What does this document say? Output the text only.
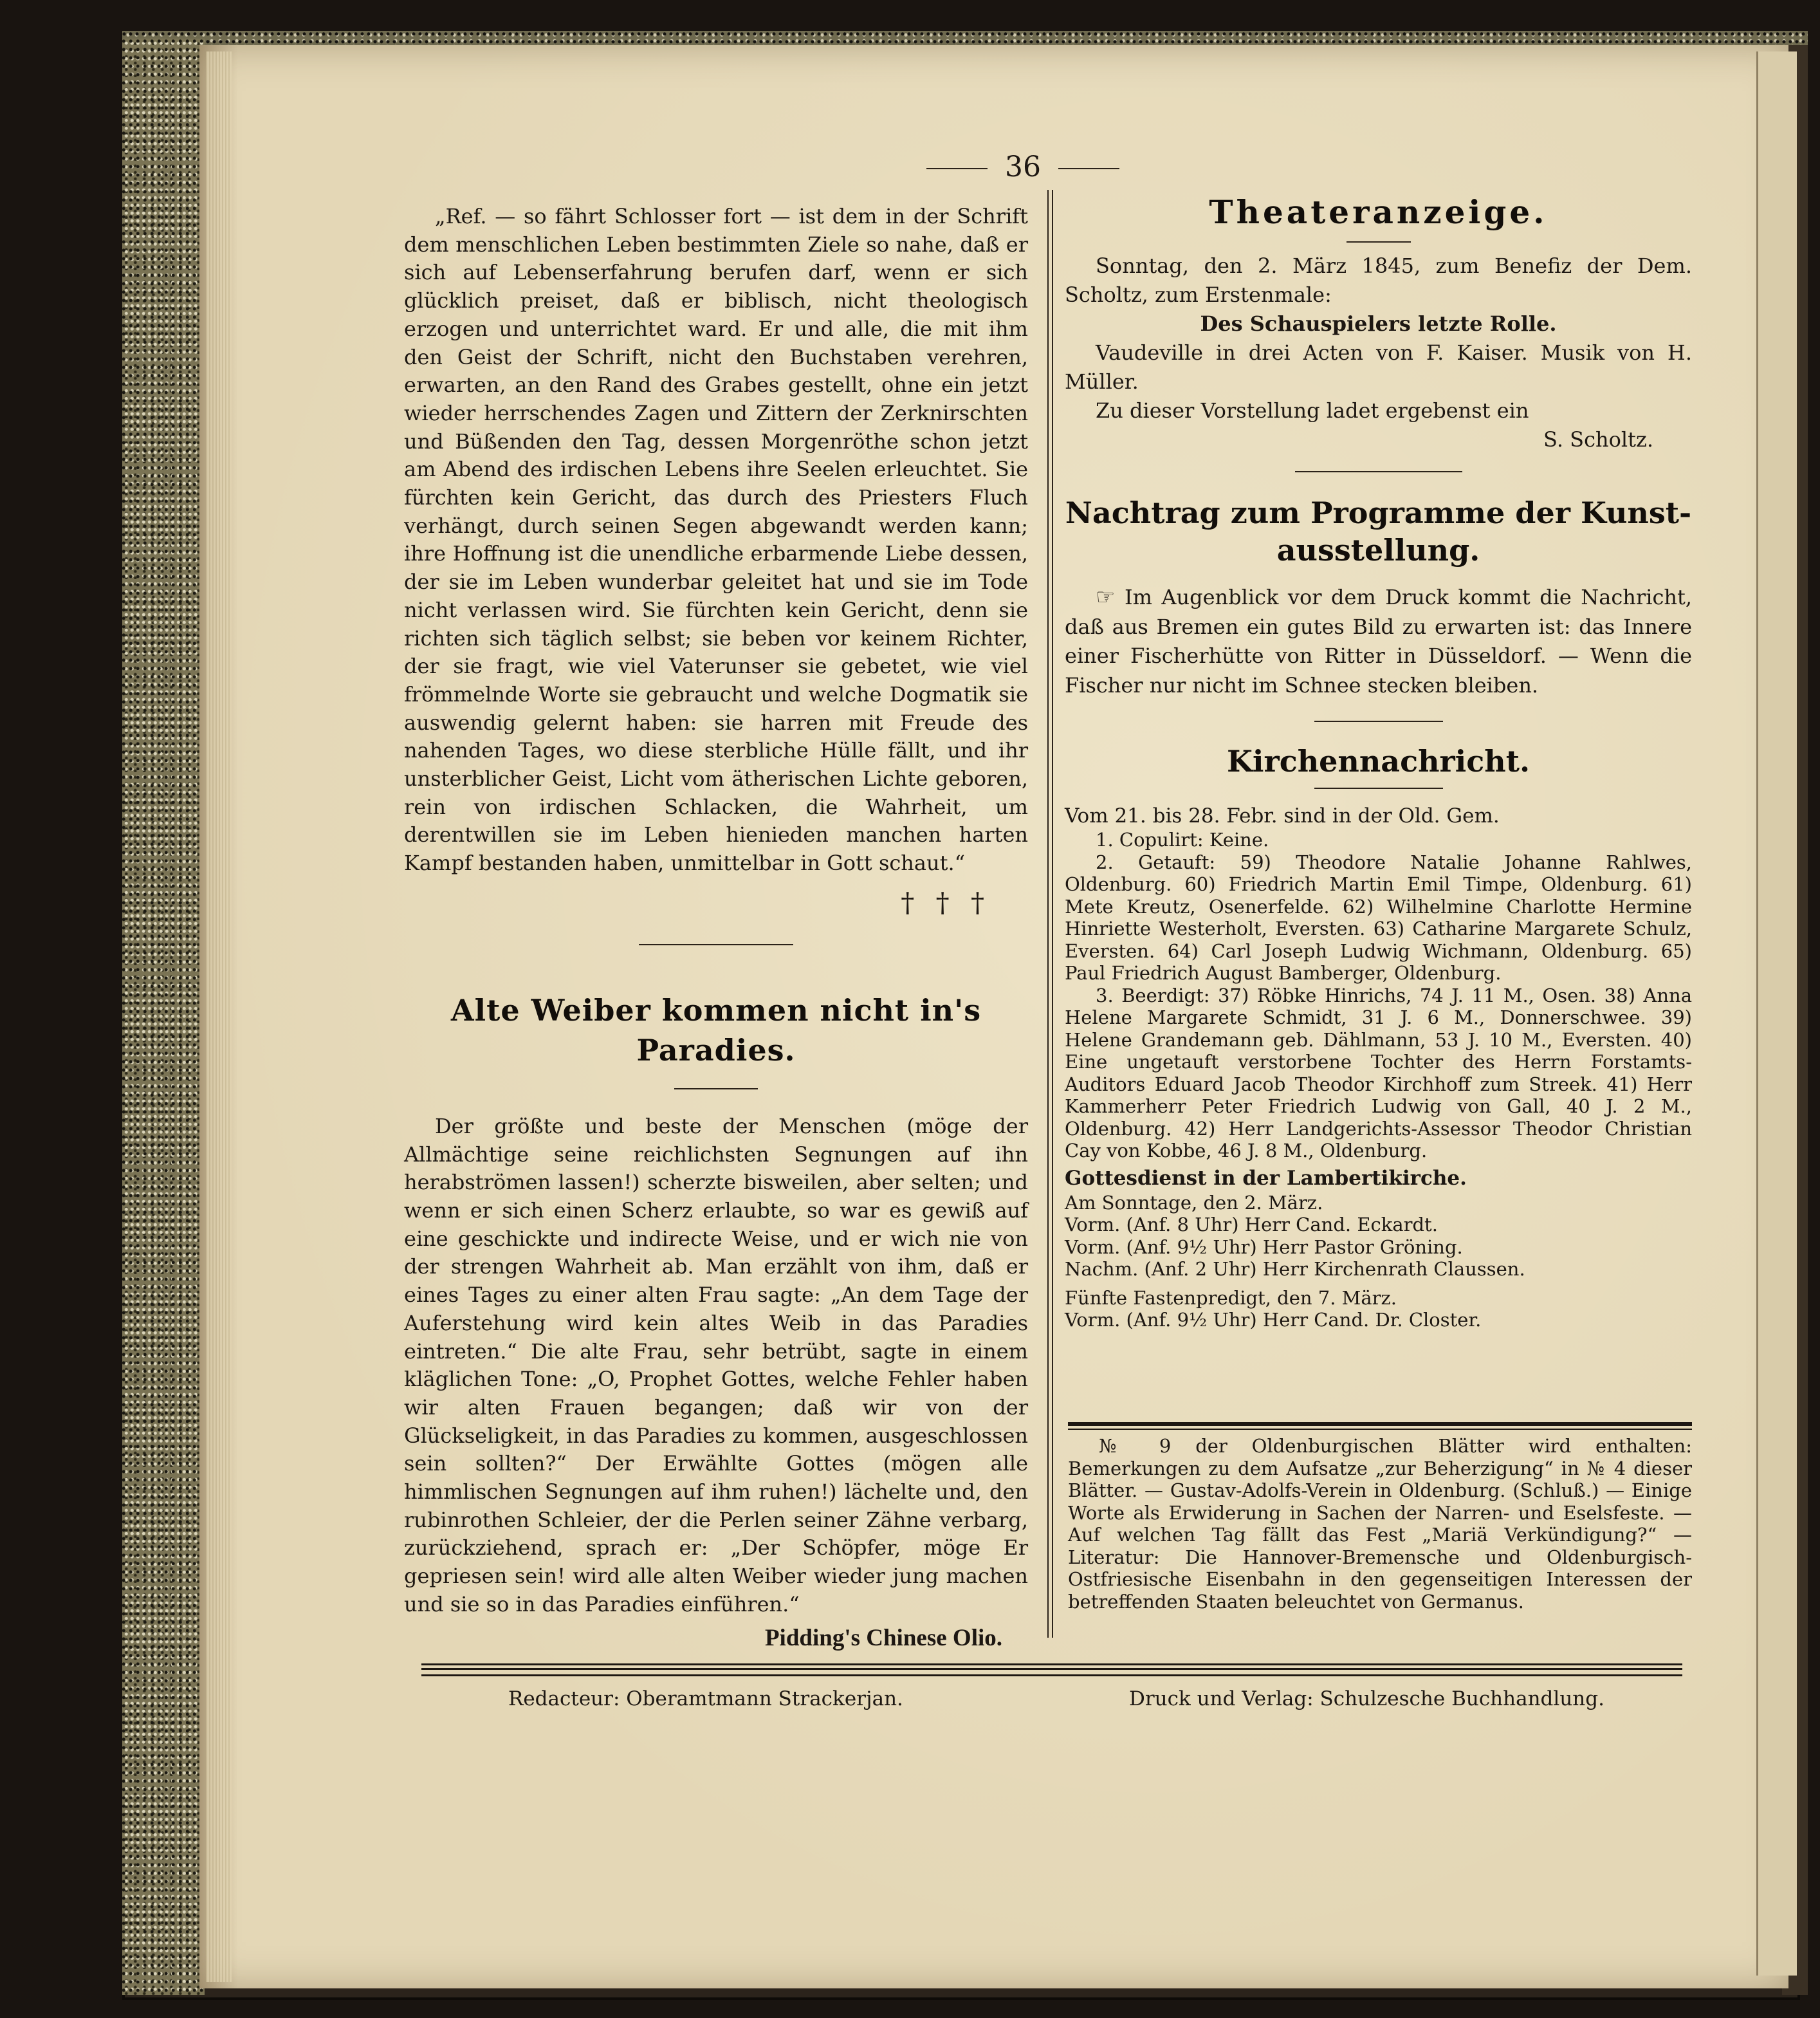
36

„Ref. — so fährt Schlosser fort — ist dem in der Schrift dem menschlichen Leben bestimmten Ziele so nahe, daß er sich auf Lebenserfahrung berufen darf, wenn er sich glücklich preiset, daß er biblisch, nicht theologisch erzogen und unterrichtet ward. Er und alle, die mit ihm den Geist der Schrift, nicht den Buchstaben verehren, erwarten, an den Rand des Grabes gestellt, ohne ein jetzt wieder herrschendes Zagen und Zittern der Zerknirschten und Büßenden den Tag, dessen Morgenröthe schon jetzt am Abend des irdischen Lebens ihre Seelen erleuchtet. Sie fürchten kein Gericht, das durch des Priesters Fluch verhängt, durch seinen Segen abgewandt werden kann; ihre Hoffnung ist die unendliche erbarmende Liebe dessen, der sie im Leben wunderbar geleitet hat und sie im Tode nicht verlassen wird. Sie fürchten kein Gericht, denn sie richten sich täglich selbst; sie beben vor keinem Richter, der sie fragt, wie viel Vaterunser sie gebetet, wie viel frömmelnde Worte sie gebraucht und welche Dogmatik sie auswendig gelernt haben: sie harren mit Freude des nahenden Tages, wo diese sterbliche Hülle fällt, und ihr unsterblicher Geist, Licht vom ätherischen Lichte geboren, rein von irdischen Schlacken, die Wahrheit, um derentwillen sie im Leben hienieden manchen harten Kampf bestanden haben, unmittelbar in Gott schaut.“

† † †

Alte Weiber kommen nicht in's

Paradies.

Der größte und beste der Menschen (möge der Allmächtige seine reichlichsten Segnungen auf ihn herabströmen lassen!) scherzte bisweilen, aber selten; und wenn er sich einen Scherz erlaubte, so war es gewiß auf eine geschickte und indirecte Weise, und er wich nie von der strengen Wahrheit ab. Man erzählt von ihm, daß er eines Tages zu einer alten Frau sagte: „An dem Tage der Auferstehung wird kein altes Weib in das Paradies eintreten.“ Die alte Frau, sehr betrübt, sagte in einem kläglichen Tone: „O, Prophet Gottes, welche Fehler haben wir alten Frauen begangen; daß wir von der Glückseligkeit, in das Paradies zu kommen, ausgeschlossen sein sollten?“ Der Erwählte Gottes (mögen alle himmlischen Segnungen auf ihm ruhen!) lächelte und, den rubinrothen Schleier, der die Perlen seiner Zähne verbarg, zurückziehend, sprach er: „Der Schöpfer, möge Er gepriesen sein! wird alle alten Weiber wieder jung machen und sie so in das Paradies einführen.“

Pidding's Chinese Olio.

Theateranzeige.

Sonntag, den 2. März 1845, zum Benefiz der Dem. Scholtz, zum Erstenmale:

Des Schauspielers letzte Rolle.

Vaudeville in drei Acten von F. Kaiser. Musik von H. Müller.

Zu dieser Vorstellung ladet ergebenst ein

S. Scholtz.

Nachtrag zum Programme der Kunst-

ausstellung.

☞ Im Augenblick vor dem Druck kommt die Nachricht, daß aus Bremen ein gutes Bild zu erwarten ist: das Innere einer Fischerhütte von Ritter in Düsseldorf. — Wenn die Fischer nur nicht im Schnee stecken bleiben.

Kirchennachricht.

Vom 21. bis 28. Febr. sind in der Old. Gem.

1. Copulirt: Keine.

2. Getauft: 59) Theodore Natalie Johanne Rahlwes, Oldenburg. 60) Friedrich Martin Emil Timpe, Oldenburg. 61) Mete Kreutz, Osenerfelde. 62) Wilhelmine Charlotte Hermine Hinriette Westerholt, Eversten. 63) Catharine Margarete Schulz, Eversten. 64) Carl Joseph Ludwig Wichmann, Oldenburg. 65) Paul Friedrich August Bamberger, Oldenburg.

3. Beerdigt: 37) Röbke Hinrichs, 74 J. 11 M., Osen. 38) Anna Helene Margarete Schmidt, 31 J. 6 M., Donnerschwee. 39) Helene Grandemann geb. Dählmann, 53 J. 10 M., Eversten. 40) Eine ungetauft verstorbene Tochter des Herrn Forstamts-Auditors Eduard Jacob Theodor Kirchhoff zum Streek. 41) Herr Kammerherr Peter Friedrich Ludwig von Gall, 40 J. 2 M., Oldenburg. 42) Herr Landgerichts-Assessor Theodor Christian Cay von Kobbe, 46 J. 8 M., Oldenburg.

Gottesdienst in der Lambertikirche.

Am Sonntage, den 2. März.

Vorm. (Anf. 8 Uhr) Herr Cand. Eckardt.

Vorm. (Anf. 9½ Uhr) Herr Pastor Gröning.

Nachm. (Anf. 2 Uhr) Herr Kirchenrath Claussen.

Fünfte Fastenpredigt, den 7. März.

Vorm. (Anf. 9½ Uhr) Herr Cand. Dr. Closter.

№ 9 der Oldenburgischen Blätter wird enthalten: Bemerkungen zu dem Aufsatze „zur Beherzigung“ in № 4 dieser Blätter. — Gustav-Adolfs-Verein in Oldenburg. (Schluß.) — Einige Worte als Erwiderung in Sachen der Narren- und Eselsfeste. — Auf welchen Tag fällt das Fest „Mariä Verkündigung?“ — Literatur: Die Hannover-Bremensche und Oldenburgisch-Ostfriesische Eisenbahn in den gegenseitigen Interessen der betreffenden Staaten beleuchtet von Germanus.

Redacteur: Oberamtmann Strackerjan.	Druck und Verlag: Schulzesche Buchhandlung.
